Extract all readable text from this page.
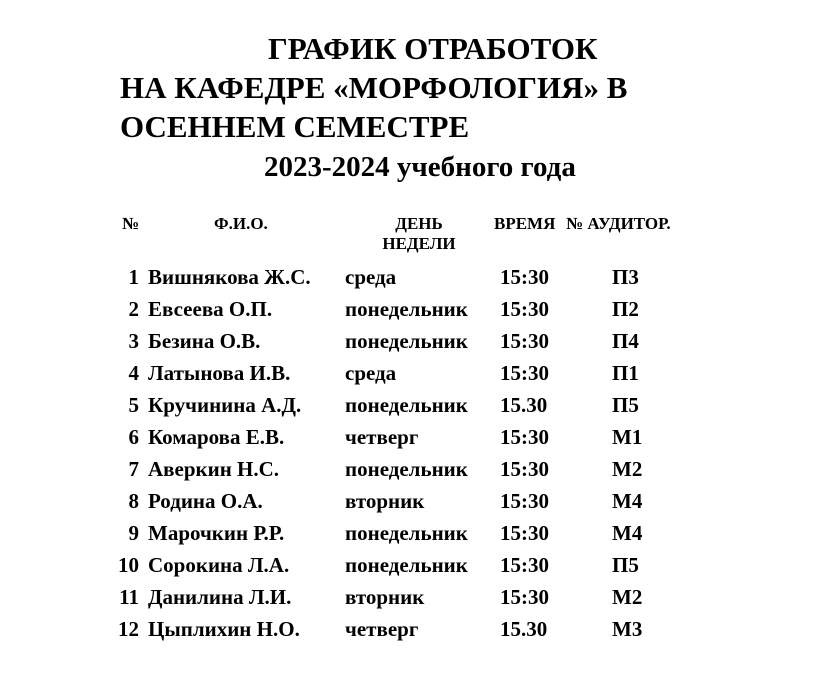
ГРАФИК ОТРАБОТОК
НА КАФЕДРЕ «МОРФОЛОГИЯ» В
ОСЕННЕМ СЕМЕСТРЕ
2023-2024 учебного года
№	Ф.И.О.	ДЕНЬ
НЕДЕЛИ
ВРЕМЯ № АУДИТОР.
1 Вишнякова Ж.С. среда	15:30	П3
2 Евсеева О.П.	понедельник 15:30	П2
3 Безина О.В.	понедельник 15:30	П4
4 Латынова И.В.	среда	15:30	П1
5 Кручинина А.Д. понедельник 15.30	П5
6 Комарова Е.В.	четверг	15:30	М1
7 Аверкин Н.С.	понедельник 15:30	М2
8 Родина О.А.	вторник	15:30	М4
9 Марочкин Р.Р.	понедельник 15:30	М4
10 Сорокина Л.А.	понедельник 15:30	П5
11 Данилина Л.И.	вторник	15:30	М2
12 Цыплихин Н.О. четверг	15.30	М3
